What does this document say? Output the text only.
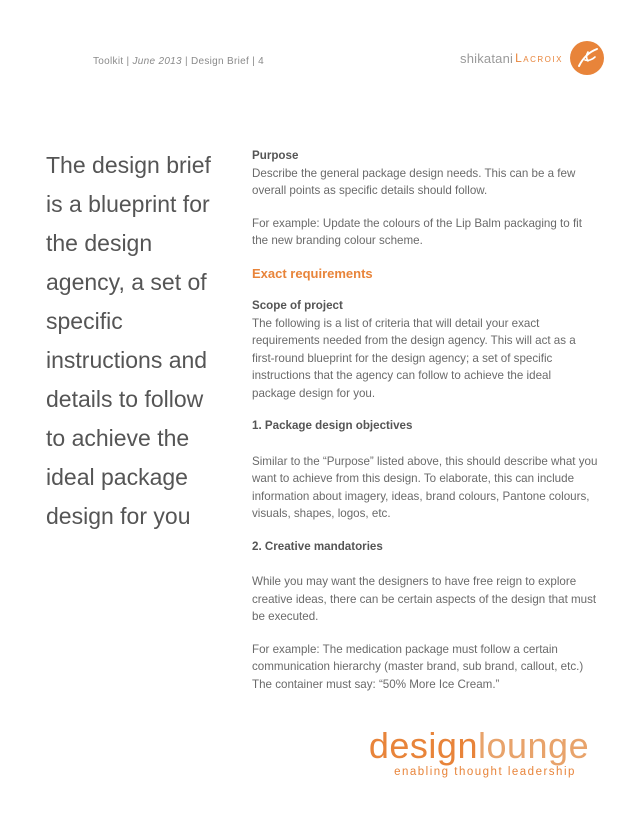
Toolkit | June 2013 | Design Brief | 4	shikatani Lacroix

The design brief

is a blueprint for

the design

agency, a set of

specific

instructions and

details to follow

to achieve the

ideal package

design for you

Purpose

Describe the general package design needs. This can be a few overall points as specific details should follow.

For example: Update the colours of the Lip Balm packaging to fit the new branding colour scheme.

Exact requirements

Scope of project

The following is a list of criteria that will detail your exact requirements needed from the design agency. This will act as a first-round blueprint for the design agency; a set of specific instructions that the agency can follow to achieve the ideal package design for you.

1. Package design objectives

Similar to the “Purpose” listed above, this should describe what you want to achieve from this design. To elaborate, this can include information about imagery, ideas, brand colours, Pantone colours, visuals, shapes, logos, etc.

2. Creative mandatories

While you may want the designers to have free reign to explore creative ideas, there can be certain aspects of the design that must be executed.

For example: The medication package must follow a certain communication hierarchy (master brand, sub brand, callout, etc.) The container must say: “50% More Ice Cream.”

designlounge
enabling thought leadership
